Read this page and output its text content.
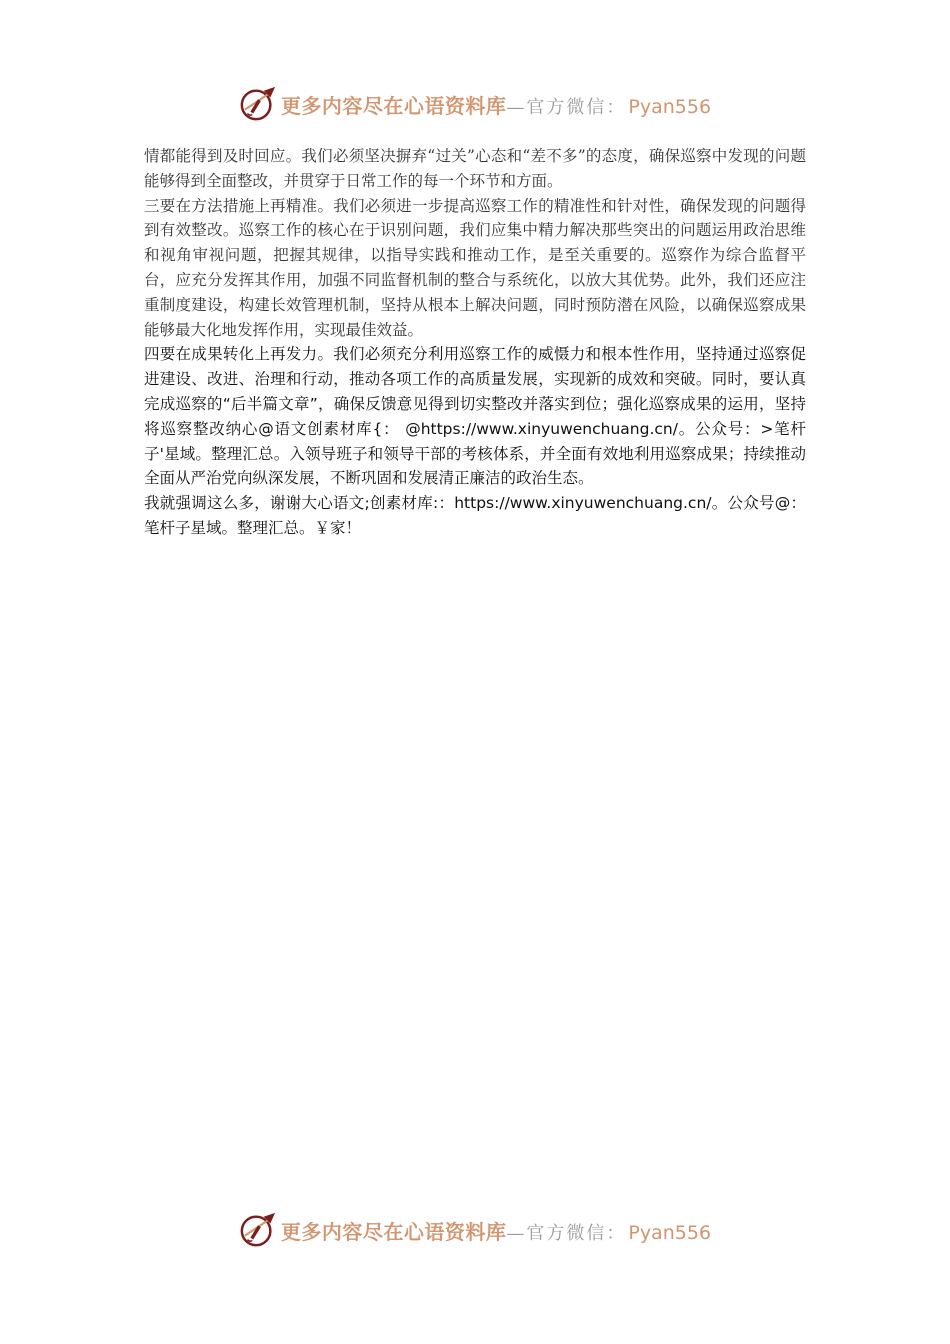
更多内容尽在心语资料库 —官方微信： Pyan556

情都能得到及时回应。我们必须坚决摒弃“过关”心态和“差不多”的态度，确保巡察中发现的问题能够得到全面整改，并贯穿于日常工作的每一个环节和方面。

三要在方法措施上再精准。我们必须进一步提高巡察工作的精准性和针对性，确保发现的问题得到有效整改。巡察工作的核心在于识别问题，我们应集中精力解决那些突出的问题运用政治思维和视角审视问题，把握其规律，以指导实践和推动工作，是至关重要的。巡察作为综合监督平台，应充分发挥其作用，加强不同监督机制的整合与系统化，以放大其优势。此外，我们还应注重制度建设，构建长效管理机制，坚持从根本上解决问题，同时预防潜在风险，以确保巡察成果能够最大化地发挥作用，实现最佳效益。

四要在成果转化上再发力。我们必须充分利用巡察工作的威慑力和根本性作用，坚持通过巡察促进建设、改进、治理和行动，推动各项工作的高质量发展，实现新的成效和突破。同时，要认真完成巡察的“后半篇文章”，确保反馈意见得到切实整改并落实到位；强化巡察成果的运用，坚持将巡察整改纳心@语文创素材库{： @https://www.xinyuwenchuang.cn/。公众号：>笔杆子'星域。整理汇总。入领导班子和领导干部的考核体系，并全面有效地利用巡察成果；持续推动全面从严治党向纵深发展，不断巩固和发展清正廉洁的政治生态。

我就强调这么多，谢谢大心语文;创素材库:：https://www.xinyuwenchuang.cn/。公众号@：笔杆子星域。整理汇总。￥家！

更多内容尽在心语资料库 —官方微信： Pyan556
